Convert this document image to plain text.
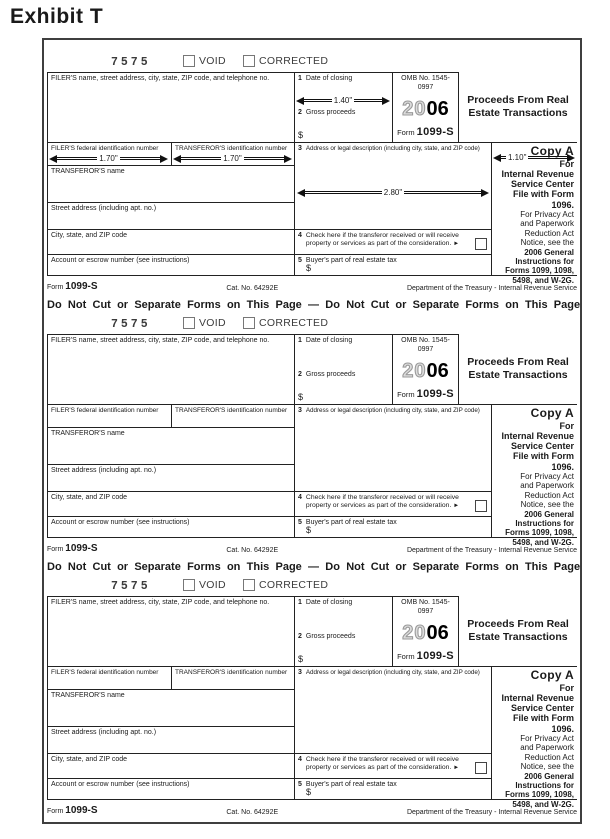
Exhibit T
7575	VOID	CORRECTED
FILER'S name, street address, city, state, ZIP code, and telephone no.
FILER'S federal identification number	TRANSFEROR'S identification number
TRANSFEROR'S name
Street address (including apt. no.)
City, state, and ZIP code
Account or escrow number (see instructions)
1 Date of closing
2 Gross proceeds
$
OMB No. 1545-0997
2006
Form 1099-S
Proceeds From Real Estate Transactions
3 Address or legal description (including city, state, and ZIP code)
4 Check here if the transferor received or will receive property or services as part of the consideration. ►
5 Buyer's part of real estate tax
$
Copy A
For
Internal Revenue
Service Center
File with Form 1096.
For Privacy Act
and Paperwork
Reduction Act
Notice, see the
2006 General
Instructions for
Forms 1099, 1098,
5498, and W-2G.
1.40"
1.70"	1.70"
2.80"
1.10"
Form 1099-S	Cat. No. 64292E	Department of the Treasury - Internal Revenue Service
Do Not Cut or Separate Forms on This Page — Do Not Cut or Separate Forms on This Page
7575	VOID	CORRECTED
FILER'S name, street address, city, state, ZIP code, and telephone no.
FILER'S federal identification number	TRANSFEROR'S identification number
TRANSFEROR'S name
Street address (including apt. no.)
City, state, and ZIP code
Account or escrow number (see instructions)
1 Date of closing
2 Gross proceeds
$
OMB No. 1545-0997
2006
Form 1099-S
Proceeds From Real Estate Transactions
3 Address or legal description (including city, state, and ZIP code)
4 Check here if the transferor received or will receive property or services as part of the consideration. ►
5 Buyer's part of real estate tax
$
Copy A
For
Internal Revenue
Service Center
File with Form 1096.
For Privacy Act
and Paperwork
Reduction Act
Notice, see the
2006 General
Instructions for
Forms 1099, 1098,
5498, and W-2G.
Form 1099-S	Cat. No. 64292E	Department of the Treasury - Internal Revenue Service
Do Not Cut or Separate Forms on This Page — Do Not Cut or Separate Forms on This Page
7575	VOID	CORRECTED
FILER'S name, street address, city, state, ZIP code, and telephone no.
FILER'S federal identification number	TRANSFEROR'S identification number
TRANSFEROR'S name
Street address (including apt. no.)
City, state, and ZIP code
Account or escrow number (see instructions)
1 Date of closing
2 Gross proceeds
$
OMB No. 1545-0997
2006
Form 1099-S
Proceeds From Real Estate Transactions
3 Address or legal description (including city, state, and ZIP code)
4 Check here if the transferor received or will receive property or services as part of the consideration. ►
5 Buyer's part of real estate tax
$
Copy A
For
Internal Revenue
Service Center
File with Form 1096.
For Privacy Act
and Paperwork
Reduction Act
Notice, see the
2006 General
Instructions for
Forms 1099, 1098,
5498, and W-2G.
Form 1099-S	Cat. No. 64292E	Department of the Treasury - Internal Revenue Service
